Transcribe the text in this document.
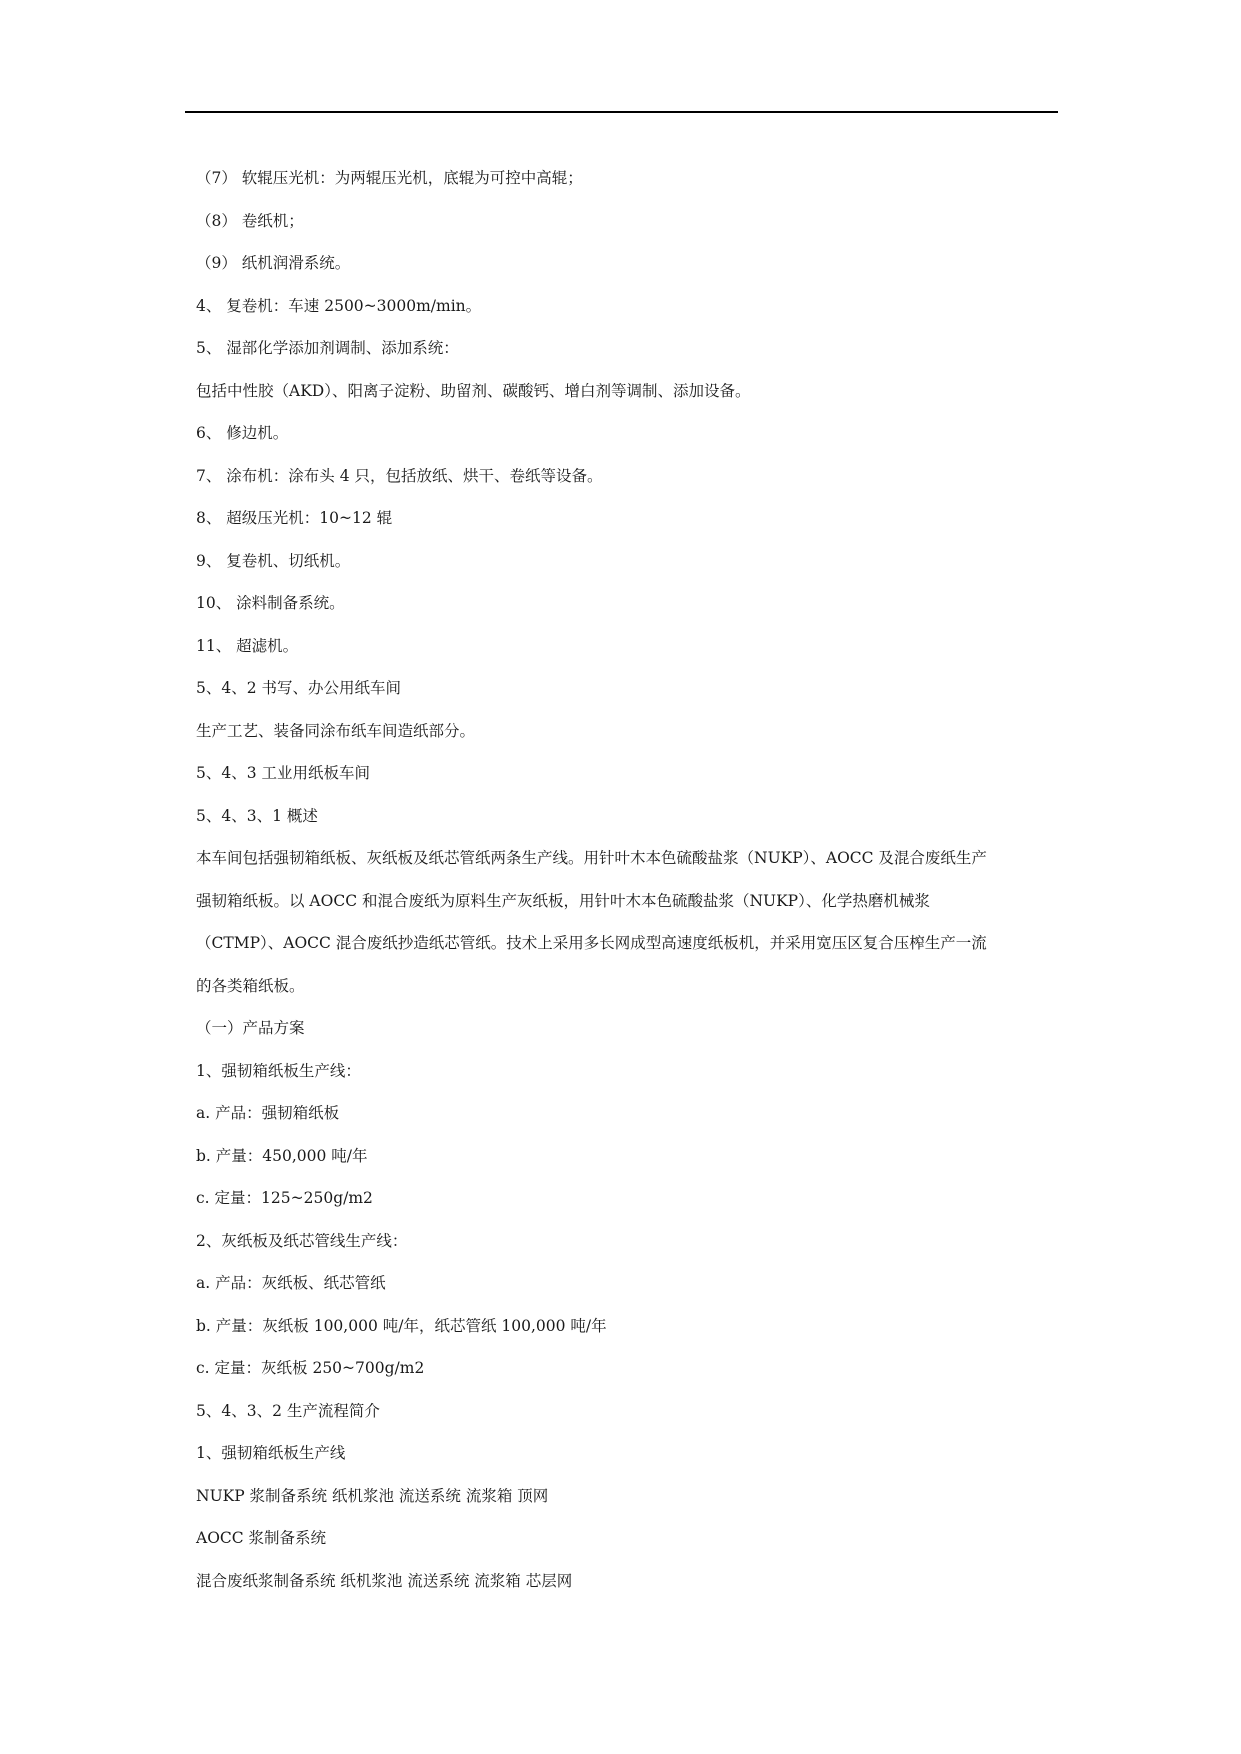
（7） 软辊压光机：为两辊压光机，底辊为可控中高辊；
（8） 卷纸机；
（9） 纸机润滑系统。
4、 复卷机：车速 2500~3000m/min。
5、 湿部化学添加剂调制、添加系统：
包括中性胶（AKD）、阳离子淀粉、助留剂、碳酸钙、增白剂等调制、添加设备。
6、 修边机。
7、 涂布机：涂布头 4 只，包括放纸、烘干、卷纸等设备。
8、 超级压光机：10~12 辊
9、 复卷机、切纸机。
10、 涂料制备系统。
11、 超滤机。
5、4、2 书写、办公用纸车间
生产工艺、装备同涂布纸车间造纸部分。
5、4、3 工业用纸板车间
5、4、3、1 概述
本车间包括强韧箱纸板、灰纸板及纸芯管纸两条生产线。用针叶木本色硫酸盐浆（NUKP）、AOCC 及混合废纸生产
强韧箱纸板。以 AOCC 和混合废纸为原料生产灰纸板，用针叶木本色硫酸盐浆（NUKP）、化学热磨机械浆
（CTMP）、AOCC 混合废纸抄造纸芯管纸。技术上采用多长网成型高速度纸板机，并采用宽压区复合压榨生产一流
的各类箱纸板。
（一）产品方案
1、强韧箱纸板生产线：
a. 产品：强韧箱纸板
b. 产量：450,000 吨/年
c. 定量：125~250g/m2
2、灰纸板及纸芯管线生产线：
a. 产品：灰纸板、纸芯管纸
b. 产量：灰纸板 100,000 吨/年，纸芯管纸 100,000 吨/年
c. 定量：灰纸板 250~700g/m2
5、4、3、2 生产流程简介
1、强韧箱纸板生产线
NUKP 浆制备系统 纸机浆池 流送系统 流浆箱 顶网
AOCC 浆制备系统
混合废纸浆制备系统 纸机浆池 流送系统 流浆箱 芯层网
